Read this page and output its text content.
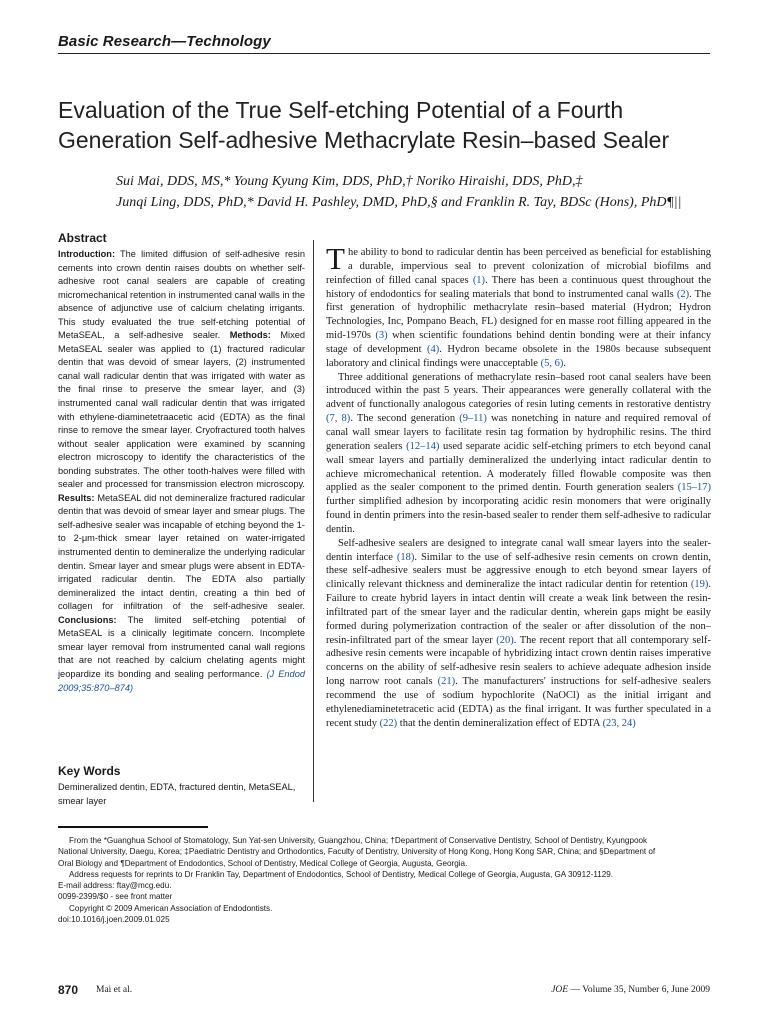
Basic Research—Technology
Evaluation of the True Self-etching Potential of a Fourth
Generation Self-adhesive Methacrylate Resin–based Sealer
Sui Mai, DDS, MS,* Young Kyung Kim, DDS, PhD,† Noriko Hiraishi, DDS, PhD,‡
Junqi Ling, DDS, PhD,* David H. Pashley, DMD, PhD,§ and Franklin R. Tay, BDSc (Hons), PhD¶||
Abstract

Introduction: The limited diffusion of self-adhesive resin cements into crown dentin raises doubts on whether self-adhesive root canal sealers are capable of creating micromechanical retention in instrumented canal walls in the absence of adjunctive use of calcium chelating irrigants. This study evaluated the true self-etching potential of MetaSEAL, a self-adhesive sealer. Methods: Mixed MetaSEAL sealer was applied to (1) fractured radicular dentin that was devoid of smear layers, (2) instrumented canal wall radicular dentin that was irrigated with water as the final rinse to preserve the smear layer, and (3) instrumented canal wall radicular dentin that was irrigated with ethylene-diaminetetraacetic acid (EDTA) as the final rinse to remove the smear layer. Cryofractured tooth halves without sealer application were examined by scanning electron microscopy to identify the characteristics of the bonding substrates. The other tooth-halves were filled with sealer and processed for transmission electron microscopy. Results: MetaSEAL did not demineralize fractured radicular dentin that was devoid of smear layer and smear plugs. The self-adhesive sealer was incapable of etching beyond the 1- to 2-μm-thick smear layer retained on water-irrigated instrumented dentin to demineralize the underlying radicular dentin. Smear layer and smear plugs were absent in EDTA-irrigated radicular dentin. The EDTA also partially demineralized the intact dentin, creating a thin bed of collagen for infiltration of the self-adhesive sealer. Conclusions: The limited self-etching potential of MetaSEAL is a clinically legitimate concern. Incomplete smear layer removal from instrumented canal wall regions that are not reached by calcium chelating agents might jeopardize its bonding and sealing performance. (J Endod 2009;35:870–874)

Key Words
Demineralized dentin, EDTA, fractured dentin, MetaSEAL, smear layer

The ability to bond to radicular dentin has been perceived as beneficial for establishing a durable, impervious seal to prevent colonization of microbial biofilms and reinfection of filled canal spaces (1). There has been a continuous quest throughout the history of endodontics for sealing materials that bond to instrumented canal walls (2). The first generation of hydrophilic methacrylate resin–based material (Hydron; Hydron Technologies, Inc, Pompano Beach, FL) designed for en masse root filling appeared in the mid-1970s (3) when scientific foundations behind dentin bonding were at their infancy stage of development (4). Hydron became obsolete in the 1980s because subsequent laboratory and clinical findings were unacceptable (5, 6).

Three additional generations of methacrylate resin–based root canal sealers have been introduced within the past 5 years. Their appearances were generally collateral with the advent of functionally analogous categories of resin luting cements in restorative dentistry (7, 8). The second generation (9–11) was nonetching in nature and required removal of canal wall smear layers to facilitate resin tag formation by hydrophilic resins. The third generation sealers (12–14) used separate acidic self-etching primers to etch beyond canal wall smear layers and partially demineralized the underlying intact radicular dentin to achieve micromechanical retention. A moderately filled flowable composite was then applied as the sealer component to the primed dentin. Fourth generation sealers (15–17) further simplified adhesion by incorporating acidic resin monomers that were originally found in dentin primers into the resin-based sealer to render them self-adhesive to radicular dentin.

Self-adhesive sealers are designed to integrate canal wall smear layers into the sealer-dentin interface (18). Similar to the use of self-adhesive resin cements on crown dentin, these self-adhesive sealers must be aggressive enough to etch beyond smear layers of clinically relevant thickness and demineralize the intact radicular dentin for retention (19). Failure to create hybrid layers in intact dentin will create a weak link between the resin-infiltrated part of the smear layer and the radicular dentin, wherein gaps might be easily formed during polymerization contraction of the sealer or after dissolution of the non–resin-infiltrated part of the smear layer (20). The recent report that all contemporary self-adhesive resin cements were incapable of hybridizing intact crown dentin raises imperative concerns on the ability of self-adhesive resin sealers to achieve adequate adhesion inside long narrow root canals (21). The manufacturers' instructions for self-adhesive sealers recommend the use of sodium hypochlorite (NaOCl) as the initial irrigant and ethylenediaminetetracetic acid (EDTA) as the final irrigant. It was further speculated in a recent study (22) that the dentin demineralization effect of EDTA (23, 24)

From the *Guanghua School of Stomatology, Sun Yat-sen University, Guangzhou, China; †Department of Conservative Dentistry, School of Dentistry, Kyungpook
National University, Daegu, Korea; ‡Paediatric Dentistry and Orthodontics, Faculty of Dentistry, University of Hong Kong, Hong Kong SAR, China; and §Department of
Oral Biology and ¶Department of Endodontics, School of Dentistry, Medical College of Georgia, Augusta, Georgia.
Address requests for reprints to Dr Franklin Tay, Department of Endodontics, School of Dentistry, Medical College of Georgia, Augusta, GA 30912-1129.
E-mail address: ftay@mcg.edu.
0099-2399/$0 - see front matter
Copyright © 2009 American Association of Endodontists.
doi:10.1016/j.joen.2009.01.025
870 Mai et al.	JOE — Volume 35, Number 6, June 2009
